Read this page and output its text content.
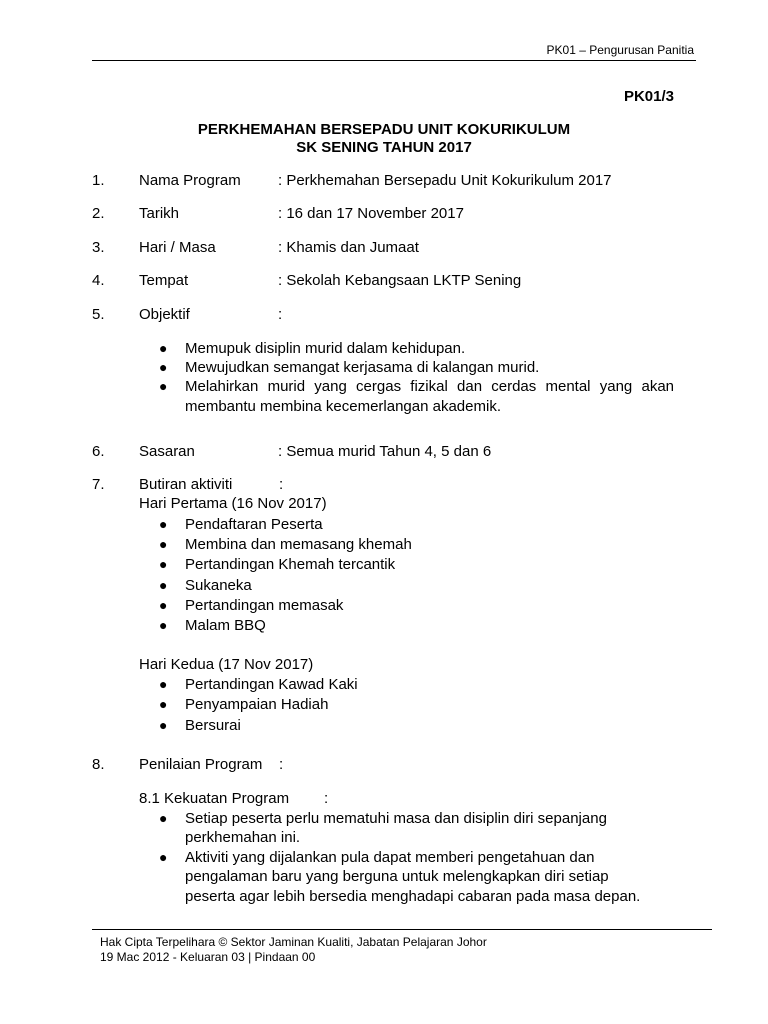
PK01 – Pengurusan Panitia
PK01/3
PERKHEMAHAN BERSEPADU UNIT KOKURIKULUM
SK SENING TAHUN 2017
1. Nama Program : Perkhemahan Bersepadu Unit Kokurikulum 2017
2. Tarikh	: 16 dan 17 November 2017
3. Hari / Masa	: Khamis dan Jumaat
4. Tempat	: Sekolah Kebangsaan LKTP Sening
5. Objektif	:
● Memupuk disiplin murid dalam kehidupan.
● Mewujudkan semangat kerjasama di kalangan murid.
● Melahirkan murid yang cergas fizikal dan cerdas mental yang akan
membantu membina kecemerlangan akademik.
6. Sasaran	: Semua murid Tahun 4, 5 dan 6
7. Butiran aktiviti	:
Hari Pertama (16 Nov 2017)
● Pendaftaran Peserta
● Membina dan memasang khemah
● Pertandingan Khemah tercantik
● Sukaneka
● Pertandingan memasak
● Malam BBQ
Hari Kedua (17 Nov 2017)
● Pertandingan Kawad Kaki
● Penyampaian Hadiah
● Bersurai
8. Penilaian Program :
8.1 Kekuatan Program :
● Setiap peserta perlu mematuhi masa dan disiplin diri sepanjang
perkhemahan ini.
● Aktiviti yang dijalankan pula dapat memberi pengetahuan dan
pengalaman baru yang berguna untuk melengkapkan diri setiap
peserta agar lebih bersedia menghadapi cabaran pada masa depan.
Hak Cipta Terpelihara © Sektor Jaminan Kualiti, Jabatan Pelajaran Johor
19 Mac 2012 - Keluaran 03 | Pindaan 00
